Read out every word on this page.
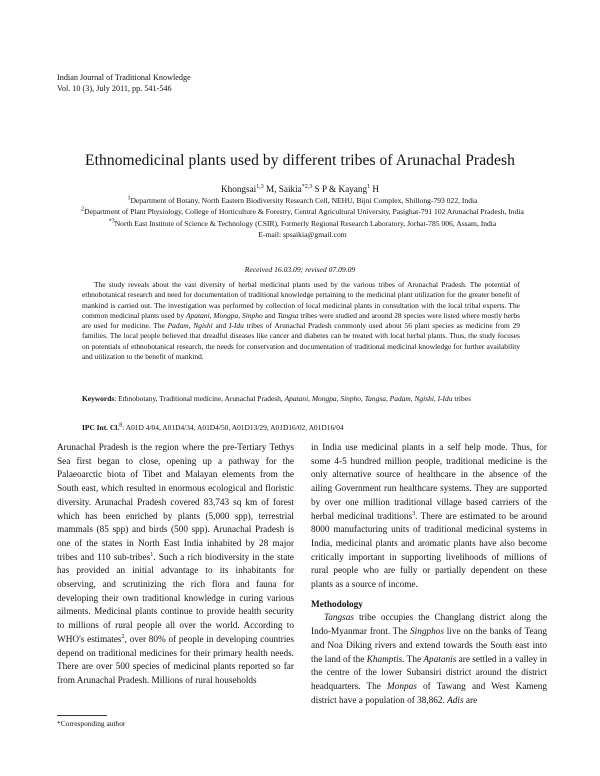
Indian Journal of Traditional Knowledge
Vol. 10 (3), July 2011, pp. 541-546
Ethnomedicinal plants used by different tribes of Arunachal Pradesh
Khongsai$^{1,3}$ M, Saikia$^{*2,3}$ S P & Kayang$^1$ H
$^1$Department of Botany, North Eastern Biodiversity Research Cell, NEHU, Bijni Complex, Shillong-793 022, India
$^2$Department of Plant Physiology, College of Horticulture & Forestry, Central Agricultural University, Pasighat-791 102 Arunachal Pradesh, India
$^{*3}$North East Institute of Science & Technology (CSIR), Formerly Regional Research Laboratory, Jorhat-785 006, Assam, India
E-mail: spsaikia@gmail.com
Received 16.03.09; revised 07.09.09
The study reveals about the vast diversity of herbal medicinal plants used by the various tribes of Arunachal Pradesh. The potential of ethnobotanical research and need for documentation of traditional knowledge pertaining to the medicinal plant utilization for the greater benefit of mankind is carried out. The investigation was performed by collection of local medicinal plants in consultation with the local tribal experts. The common medicinal plants used by Apatani, Mongpa, Sinpho and Tangsa tribes were studied and around 28 species were listed where mostly herbs are used for medicine. The Padam, Ngishi and I-Idu tribes of Arunachal Pradesh commonly used about 56 plant species as medicine from 29 families. The local people believed that dreadful diseases like cancer and diabetes can be treated with local herbal plants. Thus, the study focuses on potentials of ethnobotanical research, the needs for conservation and documentation of traditional medicinal knowledge for further availability and utilization to the benefit of mankind.
Keywords: Ethnobotany, Traditional medicine, Arunachal Pradesh, Apatani, Mongpa, Sinpho, Tangsa, Padam, Ngishi, I-Idu tribes
IPC Int. Cl.$^8$: A01D 4/04, A01D4/34, A01D4/50, A01D13/29, A01D16/02, A01D16/04

Arunachal Pradesh is the region where the pre-Tertiary Tethys Sea first began to close, opening up a pathway for the Palaeoarctic biota of Tibet and Malayan elements from the South east, which resulted in enormous ecological and floristic diversity. Arunachal Pradesh covered 83,743 sq km of forest which has been enriched by plants (5,000 spp), terrestrial mammals (85 spp) and birds (500 spp). Arunachal Pradesh is one of the states in North East India inhabited by 28 major tribes and 110 sub-tribes$^1$. Such a rich biodiversity in the state has provided an initial advantage to its inhabitants for observing, and scrutinizing the rich flora and fauna for developing their own traditional knowledge in curing various ailments. Medicinal plants continue to provide health security to millions of rural people all over the world. According to WHO's estimates$^2$, over 80% of people in developing countries depend on traditional medicines for their primary health needs. There are over 500 species of medicinal plants reported so far from Arunachal Pradesh. Millions of rural households

in India use medicinal plants in a self help mode. Thus, for some 4-5 hundred million people, traditional medicine is the only alternative source of healthcare in the absence of the ailing Government run healthcare systems. They are supported by over one million traditional village based carriers of the herbal medicinal traditions$^3$. There are estimated to be around 8000 manufacturing units of traditional medicinal systems in India, medicinal plants and aromatic plants have also become critically important in supporting livelihoods of millions of rural people who are fully or partially dependent on these plants as a source of income.

Methodology

Tangsas tribe occupies the Changlang district along the Indo-Myanmar front. The Singphos live on the banks of Teang and Noa Diking rivers and extend towards the South east into the land of the Khamptis. The Apatanis are settled in a valley in the centre of the lower Subansiri district around the district headquarters. The Monpas of Tawang and West Kameng district have a population of 38,862. Adis are

*Corresponding author
